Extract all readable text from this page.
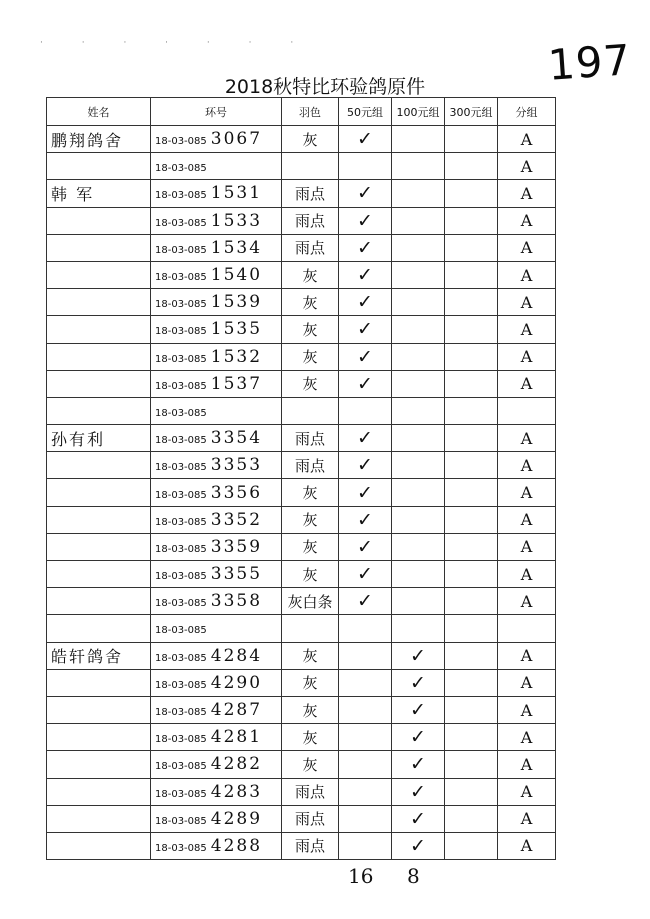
197
· · · · · · ·
2018秋特比环验鸽原件
姓名	环号	羽色	50元组	100元组	300元组	分组
鹏翔鸽舍	18-03-085 3067	灰	✓			A
	18-03-085					A
韩 军	18-03-085 1531	雨点	✓			A
	18-03-085 1533	雨点	✓			A
	18-03-085 1534	雨点	✓			A
	18-03-085 1540	灰	✓			A
	18-03-085 1539	灰	✓			A
	18-03-085 1535	灰	✓			A
	18-03-085 1532	灰	✓			A
	18-03-085 1537	灰	✓			A
	18-03-085					
孙有利	18-03-085 3354	雨点	✓			A
	18-03-085 3353	雨点	✓			A
	18-03-085 3356	灰	✓			A
	18-03-085 3352	灰	✓			A
	18-03-085 3359	灰	✓			A
	18-03-085 3355	灰	✓			A
	18-03-085 3358	灰白条	✓			A
	18-03-085					
皓轩鸽舍	18-03-085 4284	灰		✓		A
	18-03-085 4290	灰		✓		A
	18-03-085 4287	灰		✓		A
	18-03-085 4281	灰		✓		A
	18-03-085 4282	灰		✓		A
	18-03-085 4283	雨点		✓		A
	18-03-085 4289	雨点		✓		A
	18-03-085 4288	雨点		✓		A
16 8
